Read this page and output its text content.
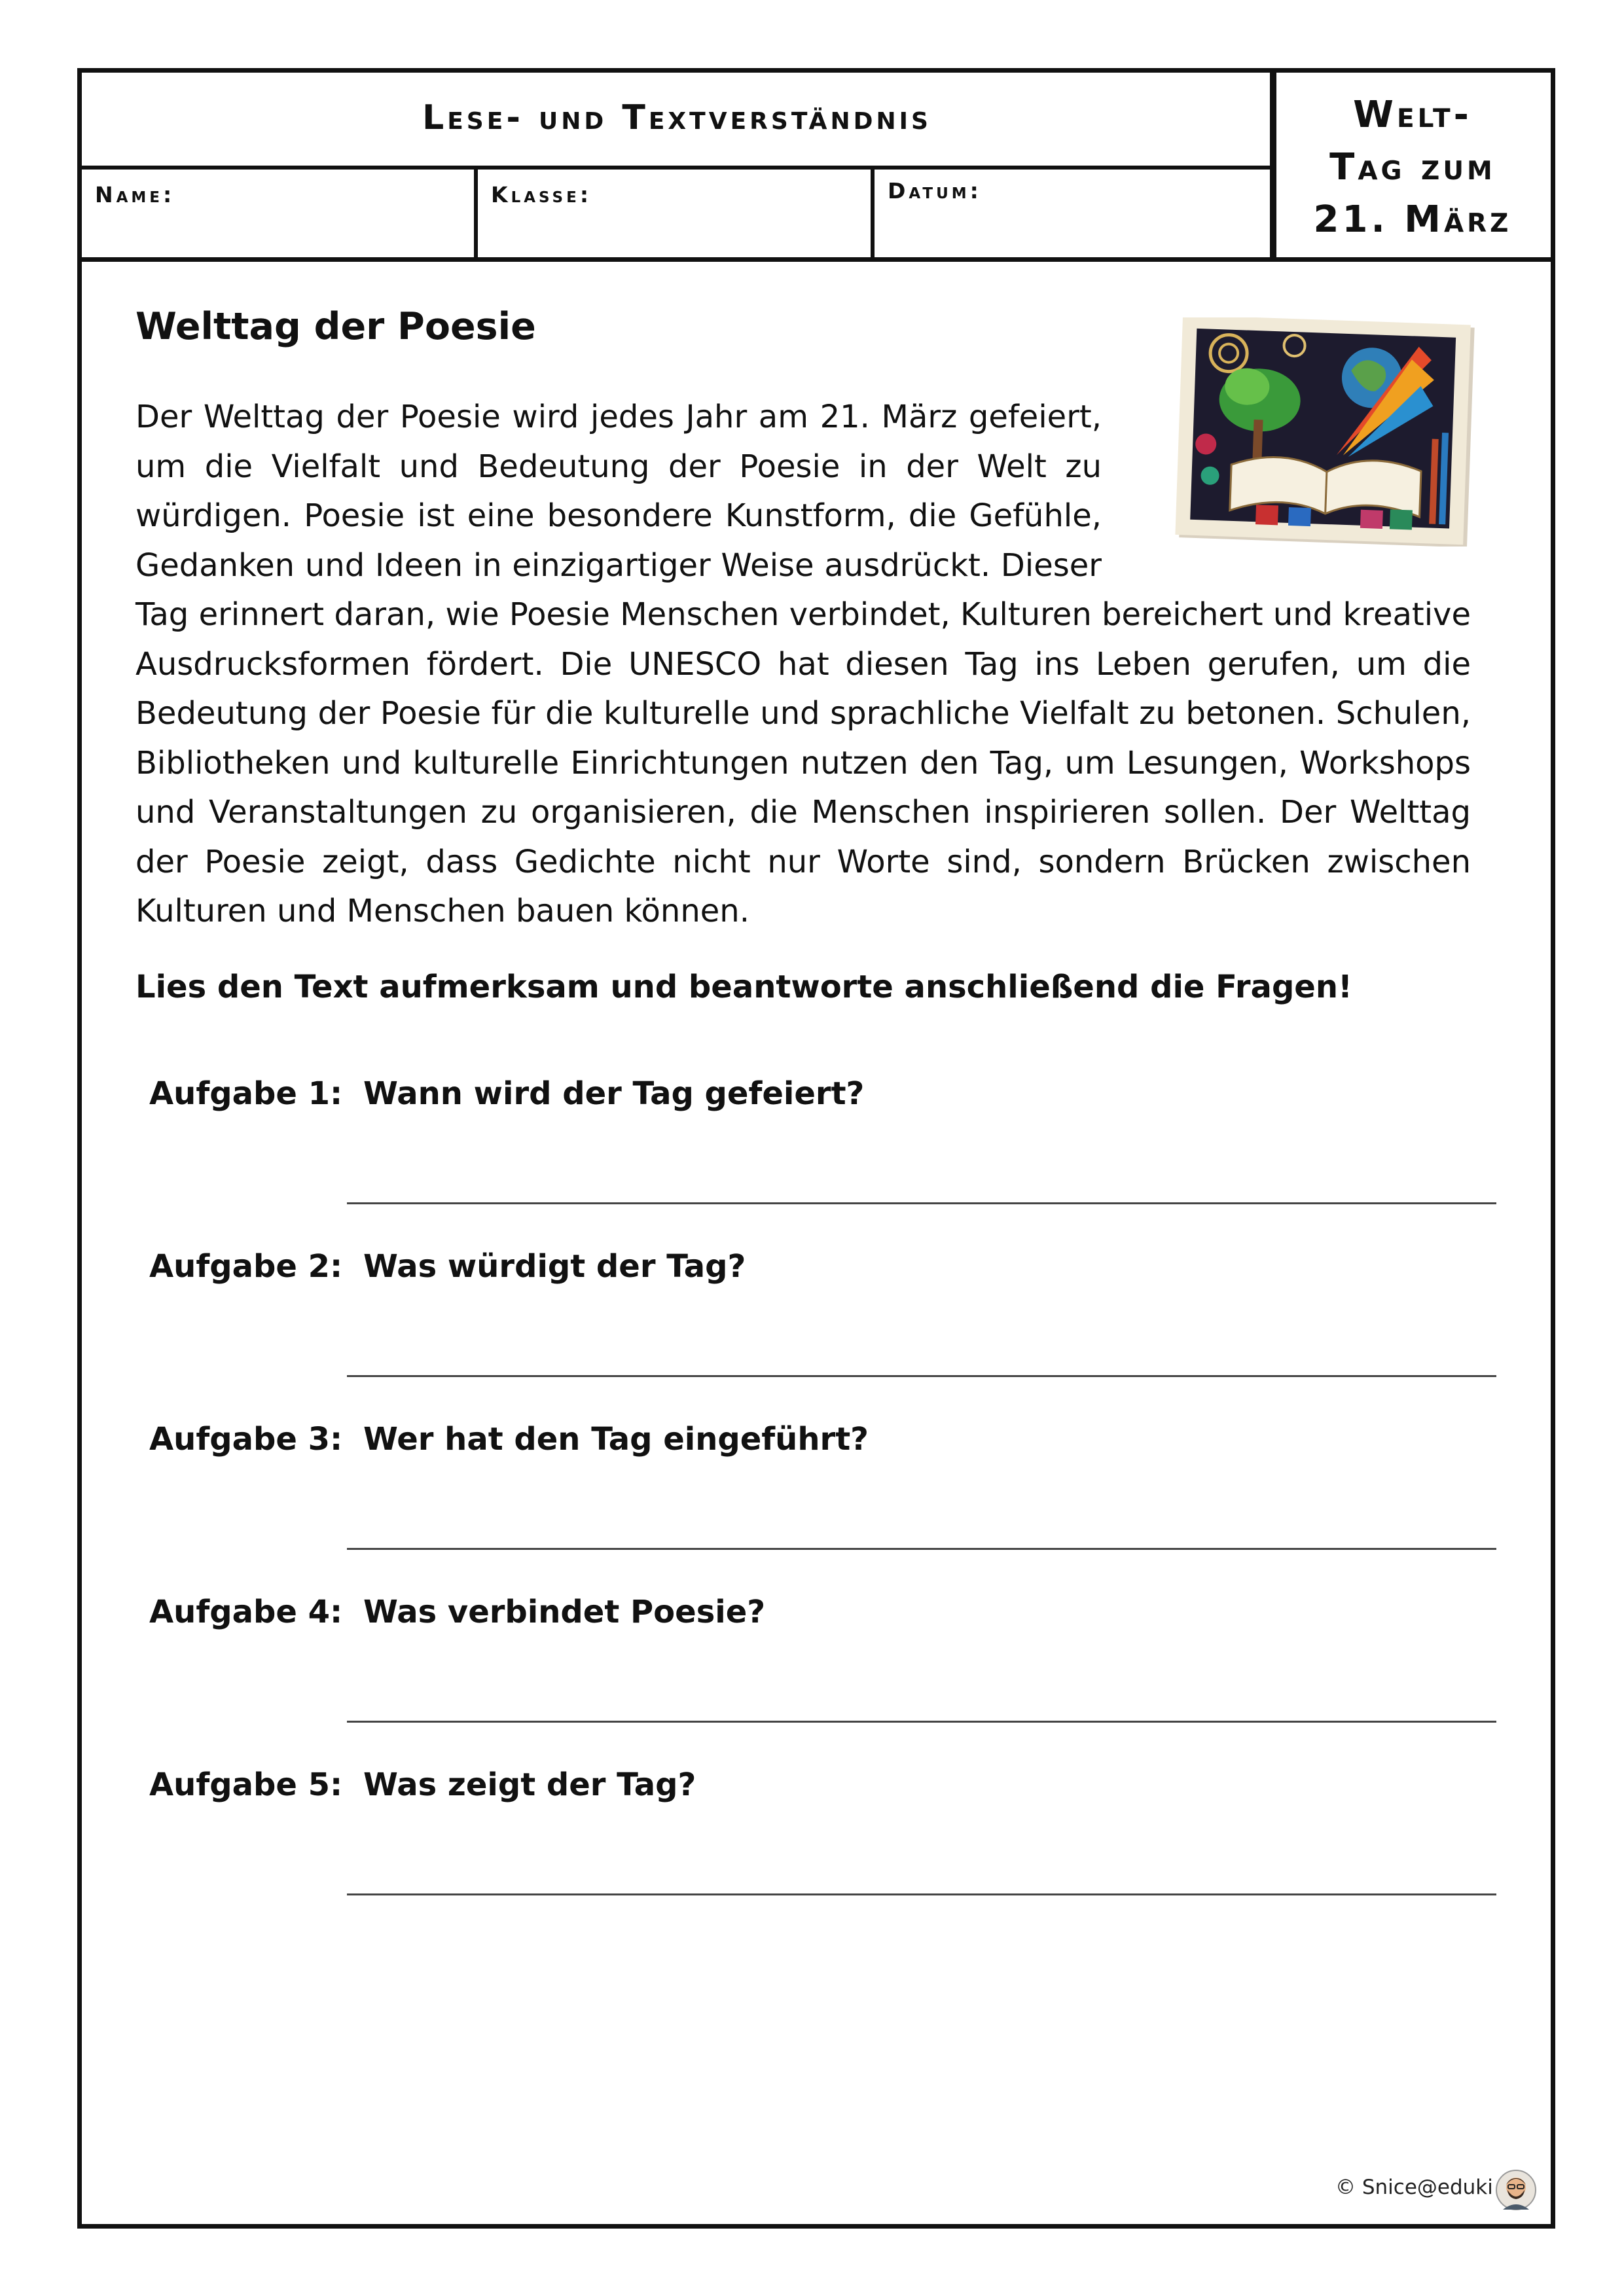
Lese- und Textverständnis
Name:	Klasse:	Datum:
Welt-
Tag zum
21. März
Welttag der Poesie
Der Welttag der Poesie wird jedes Jahr am 21. März gefeiert, um die Vielfalt und Bedeutung der Poesie in der Welt zu würdigen. Poesie ist eine besondere Kunstform, die Gefühle, Gedanken und Ideen in einzigartiger Weise ausdrückt. Dieser Tag erinnert daran, wie Poesie Menschen verbindet, Kulturen bereichert und kreative Ausdrucksformen fördert. Die UNESCO hat diesen Tag ins Leben gerufen, um die Bedeutung der Poesie für die kulturelle und sprachliche Vielfalt zu betonen. Schulen, Bibliotheken und kulturelle Einrichtungen nutzen den Tag, um Lesungen, Workshops und Veranstaltungen zu organisieren, die Menschen inspirieren sollen. Der Welttag der Poesie zeigt, dass Gedichte nicht nur Worte sind, sondern Brücken zwischen Kulturen und Menschen bauen können.
Lies den Text aufmerksam und beantworte anschließend die Fragen!
Aufgabe 1: Wann wird der Tag gefeiert?
Aufgabe 2: Was würdigt der Tag?
Aufgabe 3: Wer hat den Tag eingeführt?
Aufgabe 4: Was verbindet Poesie?
Aufgabe 5: Was zeigt der Tag?
© Snice@eduki
